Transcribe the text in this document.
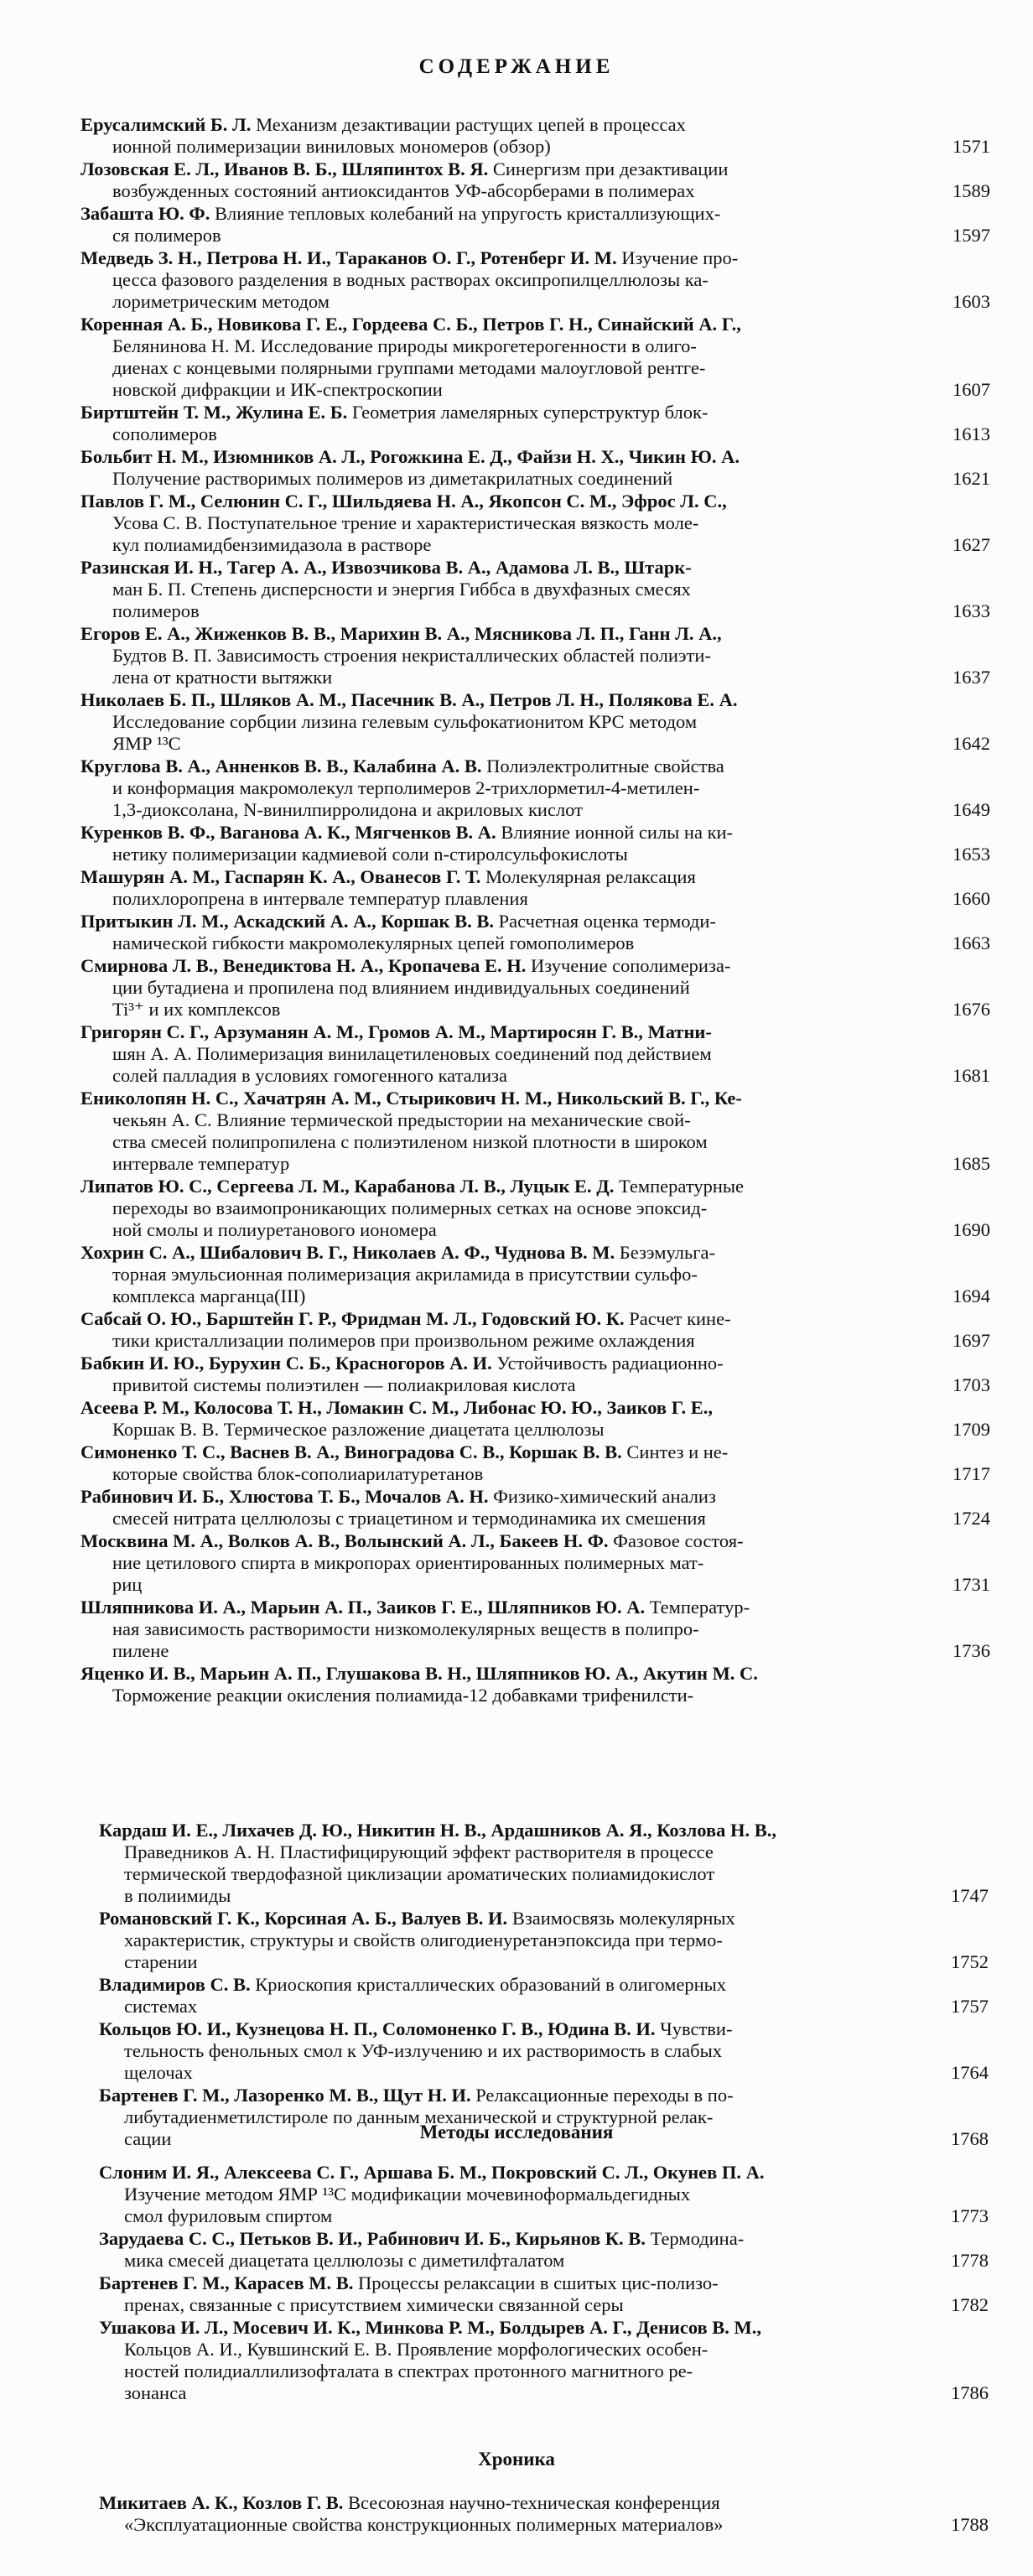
СОДЕРЖАНИЕ
Ерусалимский Б. Л. Механизм дезактивации растущих цепей в процессах
ионной полимеризации виниловых мономеров (обзор)	1571
Лозовская Е. Л., Иванов В. Б., Шляпинтох В. Я. Синергизм при дезактивации
возбужденных состояний антиоксидантов УФ-абсорберами в полимерах	1589
Забашта Ю. Ф. Влияние тепловых колебаний на упругость кристаллизующих-
ся полимеров	1597
Медведь З. Н., Петрова Н. И., Тараканов О. Г., Ротенберг И. М. Изучение про-
цесса фазового разделения в водных растворах оксипропилцеллюлозы ка-
лориметрическим методом	1603
Коренная А. Б., Новикова Г. Е., Гордеева С. Б., Петров Г. Н., Синайский А. Г.,
Белянинова Н. М. Исследование природы микрогетерогенности в олиго-
диенах с концевыми полярными группами методами малоугловой рентге-
новской дифракции и ИК-спектроскопии	1607
Биртштейн Т. М., Жулина Е. Б. Геометрия ламелярных суперструктур блок-
сополимеров	1613
Больбит Н. М., Изюмников А. Л., Рогожкина Е. Д., Файзи Н. Х., Чикин Ю. А.
Получение растворимых полимеров из диметакрилатных соединений	1621
Павлов Г. М., Селюнин С. Г., Шильдяева Н. А., Якопсон С. М., Эфрос Л. С.,
Усова С. В. Поступательное трение и характеристическая вязкость моле-
кул полиамидбензимидазола в растворе	1627
Разинская И. Н., Тагер А. А., Извозчикова В. А., Адамова Л. В., Штарк-
ман Б. П. Степень дисперсности и энергия Гиббса в двухфазных смесях
полимеров	1633
Егоров Е. А., Жиженков В. В., Марихин В. А., Мясникова Л. П., Ганн Л. А.,
Будтов В. П. Зависимость строения некристаллических областей полиэти-
лена от кратности вытяжки	1637
Николаев Б. П., Шляков А. М., Пасечник В. А., Петров Л. Н., Полякова Е. А.
Исследование сорбции лизина гелевым сульфокатионитом КРС методом
ЯМР ¹³C	1642
Круглова В. А., Анненков В. В., Калабина А. В. Полиэлектролитные свойства
и конформация макромолекул терполимеров 2-трихлорметил-4-метилен-
1,3-диоксолана, N-винилпирролидона и акриловых кислот	1649
Куренков В. Ф., Ваганова А. К., Мягченков В. А. Влияние ионной силы на ки-
нетику полимеризации кадмиевой соли n-стиролсульфокислоты	1653
Машурян А. М., Гаспарян К. А., Ованесов Г. Т. Молекулярная релаксация
полихлоропрена в интервале температур плавления	1660
Притыкин Л. М., Аскадский А. А., Коршак В. В. Расчетная оценка термоди-
намической гибкости макромолекулярных цепей гомополимеров	1663
Смирнова Л. В., Венедиктова Н. А., Кропачева Е. Н. Изучение сополимериза-
ции бутадиена и пропилена под влиянием индивидуальных соединений
Ti³⁺ и их комплексов	1676
Григорян С. Г., Арзуманян А. М., Громов А. М., Мартиросян Г. В., Матни-
шян А. А. Полимеризация винилацетиленовых соединений под действием
солей палладия в условиях гомогенного катализа	1681
Ениколопян Н. С., Хачатрян А. М., Стырикович Н. М., Никольский В. Г., Ке-
чекьян А. С. Влияние термической предыстории на механические свой-
ства смесей полипропилена с полиэтиленом низкой плотности в широком
интервале температур	1685
Липатов Ю. С., Сергеева Л. М., Карабанова Л. В., Луцык Е. Д. Температурные
переходы во взаимопроникающих полимерных сетках на основе эпоксид-
ной смолы и полиуретанового иономера	1690
Хохрин С. А., Шибалович В. Г., Николаев А. Ф., Чуднова В. М. Безэмульга-
торная эмульсионная полимеризация акриламида в присутствии сульфо-
комплекса марганца(III)	1694
Сабсай О. Ю., Барштейн Г. Р., Фридман М. Л., Годовский Ю. К. Расчет кине-
тики кристаллизации полимеров при произвольном режиме охлаждения	1697
Бабкин И. Ю., Бурухин С. Б., Красногоров А. И. Устойчивость радиационно-
привитой системы полиэтилен — полиакриловая кислота	1703
Асеева Р. М., Колосова Т. Н., Ломакин С. М., Либонас Ю. Ю., Заиков Г. Е.,
Коршак В. В. Термическое разложение диацетата целлюлозы	1709
Симоненко Т. С., Васнев В. А., Виноградова С. В., Коршак В. В. Синтез и не-
которые свойства блок-сополиарилатуретанов	1717
Рабинович И. Б., Хлюстова Т. Б., Мочалов А. Н. Физико-химический анализ
смесей нитрата целлюлозы с триацетином и термодинамика их смешения	1724
Москвина М. А., Волков А. В., Волынский А. Л., Бакеев Н. Ф. Фазовое состоя-
ние цетилового спирта в микропорах ориентированных полимерных мат-
риц	1731
Шляпникова И. А., Марьин А. П., Заиков Г. Е., Шляпников Ю. А. Температур-
ная зависимость растворимости низкомолекулярных веществ в полипро-
пилене	1736
Яценко И. В., Марьин А. П., Глушакова В. Н., Шляпников Ю. А., Акутин М. С.
Торможение реакции окисления полиамида-12 добавками трифенилсти-
Кардаш И. Е., Лихачев Д. Ю., Никитин Н. В., Ардашников А. Я., Козлова Н. В.,
Праведников А. Н. Пластифицирующий эффект растворителя в процессе
термической твердофазной циклизации ароматических полиамидокислот
в полиимиды	1747
Романовский Г. К., Корсиная А. Б., Валуев В. И. Взаимосвязь молекулярных
характеристик, структуры и свойств олигодиенуретанэпоксида при термо-
старении	1752
Владимиров С. В. Криоскопия кристаллических образований в олигомерных
системах	1757
Кольцов Ю. И., Кузнецова Н. П., Соломоненко Г. В., Юдина В. И. Чувстви-
тельность фенольных смол к УФ-излучению и их растворимость в слабых
щелочах	1764
Бартенев Г. М., Лазоренко М. В., Щут Н. И. Релаксационные переходы в по-
либутадиенметилстироле по данным механической и структурной релак-
сации	1768
Методы исследования
Слоним И. Я., Алексеева С. Г., Аршава Б. М., Покровский С. Л., Окунев П. А.
Изучение методом ЯМР ¹³C модификации мочевиноформальдегидных
смол фуриловым спиртом	1773
Зарудаева С. С., Петьков В. И., Рабинович И. Б., Кирьянов К. В. Термодина-
мика смесей диацетата целлюлозы с диметилфталатом	1778
Бартенев Г. М., Карасев М. В. Процессы релаксации в сшитых цис-полизо-
пренах, связанные с присутствием химически связанной серы	1782
Ушакова И. Л., Мосевич И. К., Минкова Р. М., Болдырев А. Г., Денисов В. М.,
Кольцов А. И., Кувшинский Е. В. Проявление морфологических особен-
ностей полидиаллилизофталата в спектрах протонного магнитного ре-
зонанса	1786
Хроника
Микитаев А. К., Козлов Г. В. Всесоюзная научно-техническая конференция
«Эксплуатационные свойства конструкционных полимерных материалов»	1788
